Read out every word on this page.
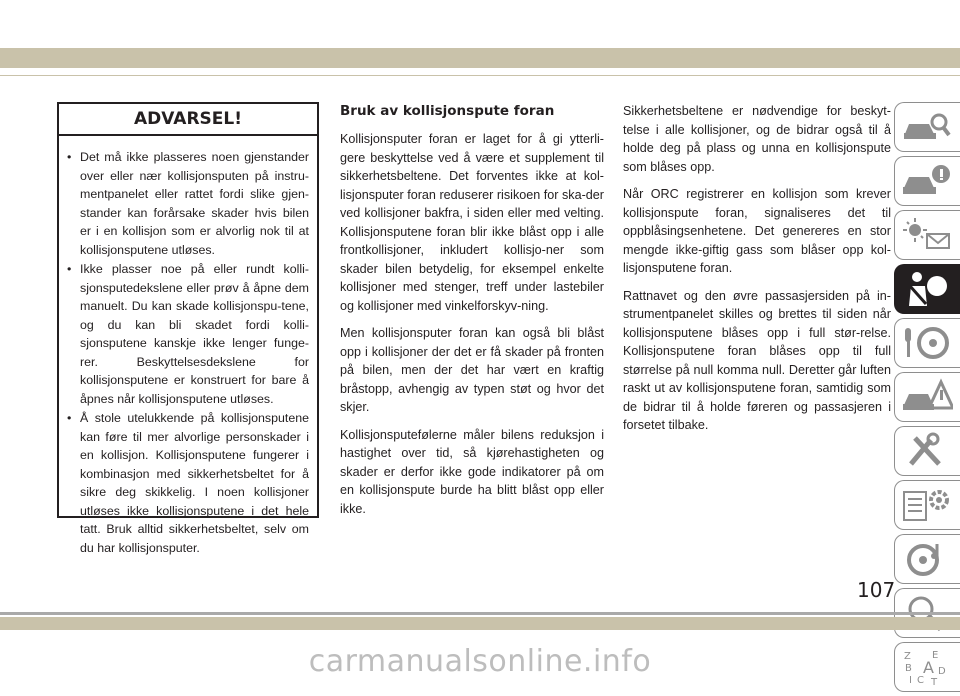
ADVARSEL!
• Det må ikke plasseres noen gjenstander over eller nær kollisjonsputen på instru-mentpanelet eller rattet fordi slike gjen-stander kan forårsake skader hvis bilen er i en kollisjon som er alvorlig nok til at kollisjonsputene utløses.
• Ikke plasser noe på eller rundt kolli-sjonsputedekslene eller prøv å åpne dem manuelt. Du kan skade kollisjonspu-tene, og du kan bli skadet fordi kolli-sjonsputene kanskje ikke lenger funge-rer. Beskyttelsesdekslene for kollisjonsputene er konstruert for bare å åpnes når kollisjonsputene utløses.
• Å stole utelukkende på kollisjonsputene kan føre til mer alvorlige personskader i en kollisjon. Kollisjonsputene fungerer i kombinasjon med sikkerhetsbeltet for å sikre deg skikkelig. I noen kollisjoner utløses ikke kollisjonsputene i det hele tatt. Bruk alltid sikkerhetsbeltet, selv om du har kollisjonsputer.
Bruk av kollisjonspute foran

Kollisjonsputer foran er laget for å gi ytterli-gere beskyttelse ved å være et supplement til sikkerhetsbeltene. Det forventes ikke at kol-lisjonsputer foran reduserer risikoen for ska-der ved kollisjoner bakfra, i siden eller med velting. Kollisjonsputene foran blir ikke blåst opp i alle frontkollisjoner, inkludert kollisjo-ner som skader bilen betydelig, for eksempel enkelte kollisjoner med stenger, treff under lastebiler og kollisjoner med vinkelforskyv-ning.

Men kollisjonsputer foran kan også bli blåst opp i kollisjoner der det er få skader på fronten på bilen, men der det har vært en kraftig bråstopp, avhengig av typen støt og hvor det skjer.

Kollisjonsputefølerne måler bilens reduksjon i hastighet over tid, så kjørehastigheten og skader er derfor ikke gode indikatorer på om en kollisjonspute burde ha blitt blåst opp eller ikke.

Sikkerhetsbeltene er nødvendige for beskyt-telse i alle kollisjoner, og de bidrar også til å holde deg på plass og unna en kollisjonspute som blåses opp.

Når ORC registrerer en kollisjon som krever kollisjonspute foran, signaliseres det til oppblåsingsenhetene. Det genereres en stor mengde ikke-giftig gass som blåser opp kol-lisjonsputene foran.

Rattnavet og den øvre passasjersiden på in-strumentpanelet skilles og brettes til siden når kollisjonsputene blåses opp i full stør-relse. Kollisjonsputene foran blåses opp til full størrelse på null komma null. Deretter går luften raskt ut av kollisjonsputene foran, samtidig som de bidrar til å holde føreren og passasjeren i forsetet tilbake.

Z E
B A D
I C T
107
carmanualsonline.info
